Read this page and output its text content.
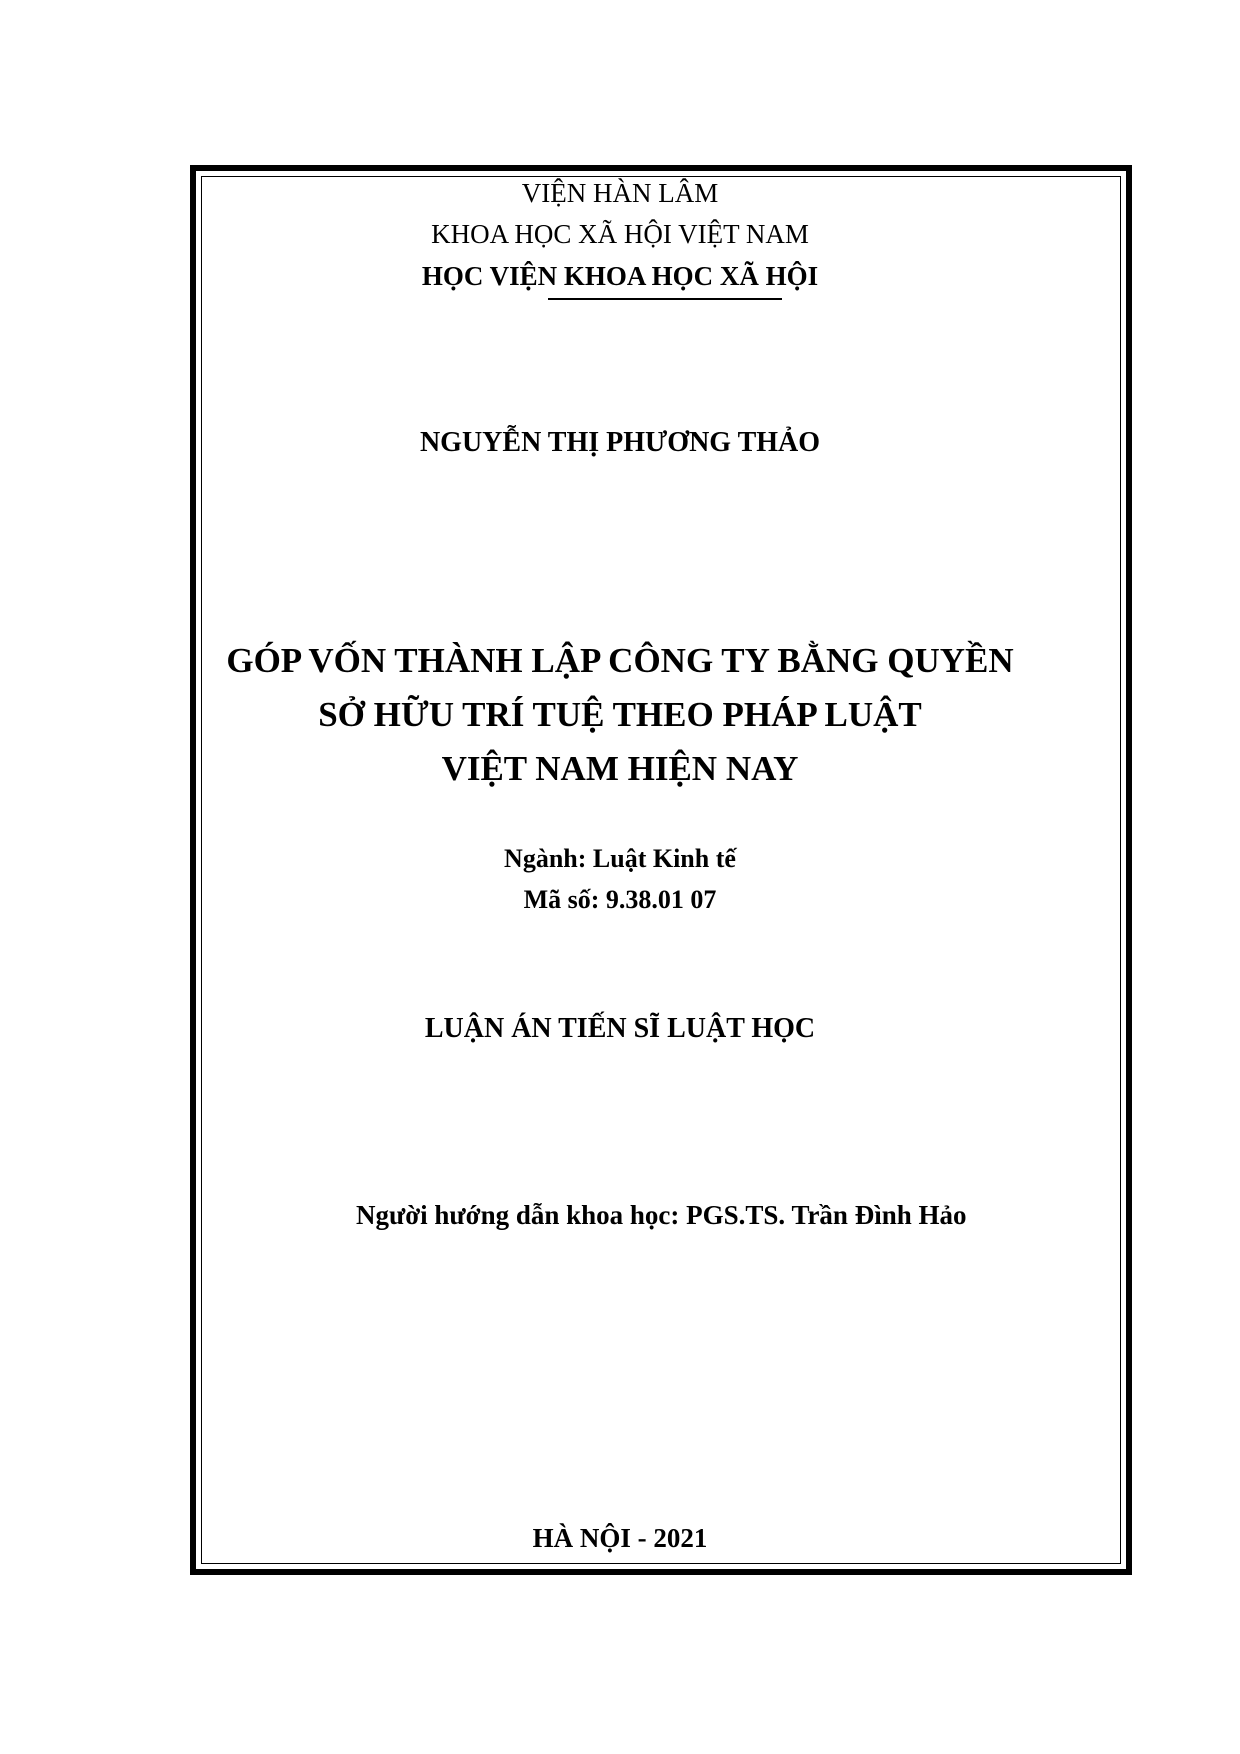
VIỆN HÀN LÂM
KHOA HỌC XÃ HỘI VIỆT NAM
HỌC VIỆN KHOA HỌC XÃ HỘI
NGUYỄN THỊ PHƯƠNG THẢO
GÓP VỐN THÀNH LẬP CÔNG TY BẰNG QUYỀN
SỞ HỮU TRÍ TUỆ THEO PHÁP LUẬT
VIỆT NAM HIỆN NAY
Ngành: Luật Kinh tế
Mã số: 9.38.01 07
LUẬN ÁN TIẾN SĨ LUẬT HỌC
Người hướng dẫn khoa học: PGS.TS. Trần Đình Hảo
HÀ NỘI - 2021
